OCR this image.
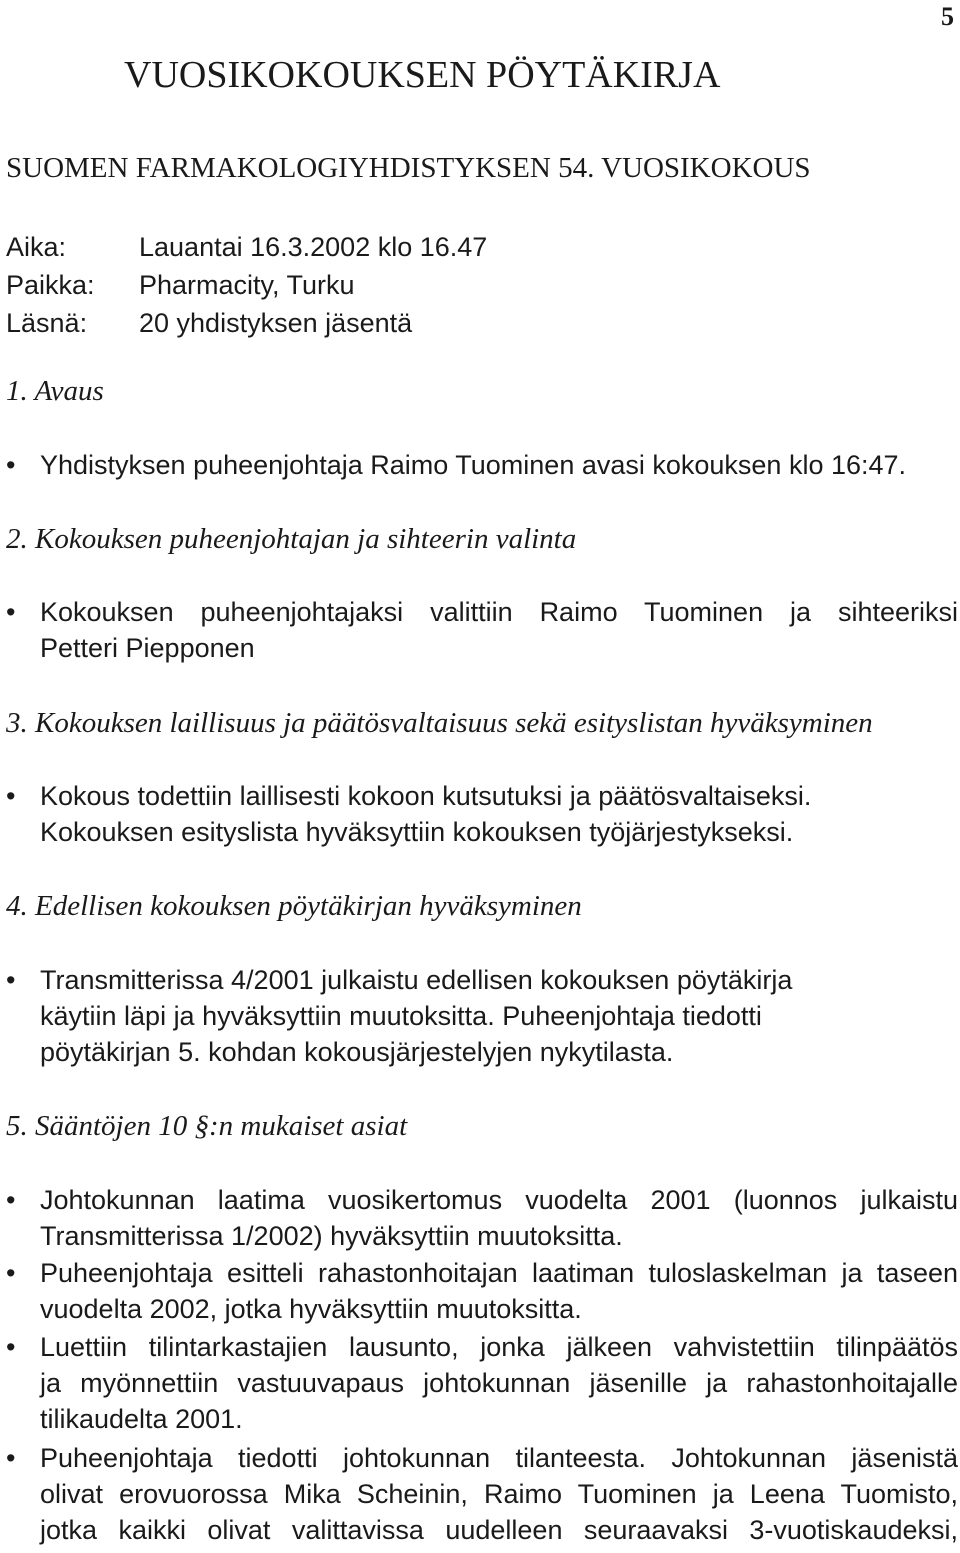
5
VUOSIKOKOUKSEN PÖYTÄKIRJA
SUOMEN FARMAKOLOGIYHDISTYKSEN 54. VUOSIKOKOUS
Aika:	Lauantai 16.3.2002 klo 16.47
Paikka:	Pharmacity, Turku
Läsnä:	20 yhdistyksen jäsentä
1. Avaus
• Yhdistyksen puheenjohtaja Raimo Tuominen avasi kokouksen klo 16:47.
2. Kokouksen puheenjohtajan ja sihteerin valinta
• Kokouksen puheenjohtajaksi valittiin Raimo Tuominen ja sihteeriksi
Petteri Piepponen
3. Kokouksen laillisuus ja päätösvaltaisuus sekä esityslistan hyväksyminen
• Kokous todettiin laillisesti kokoon kutsutuksi ja päätösvaltaiseksi.
Kokouksen esityslista hyväksyttiin kokouksen työjärjestykseksi.
4. Edellisen kokouksen pöytäkirjan hyväksyminen
• Transmitterissa 4/2001 julkaistu edellisen kokouksen pöytäkirja
käytiin läpi ja hyväksyttiin muutoksitta. Puheenjohtaja tiedotti
pöytäkirjan 5. kohdan kokousjärjestelyjen nykytilasta.
5. Sääntöjen 10 §:n mukaiset asiat
• Johtokunnan laatima vuosikertomus vuodelta 2001 (luonnos julkaistu
Transmitterissa 1/2002) hyväksyttiin muutoksitta.
• Puheenjohtaja esitteli rahastonhoitajan laatiman tuloslaskelman ja taseen
vuodelta 2002, jotka hyväksyttiin muutoksitta.
• Luettiin tilintarkastajien lausunto, jonka jälkeen vahvistettiin tilinpäätös
ja myönnettiin vastuuvapaus johtokunnan jäsenille ja rahastonhoitajalle
tilikaudelta 2001.
• Puheenjohtaja tiedotti johtokunnan tilanteesta. Johtokunnan jäsenistä
olivat erovuorossa Mika Scheinin, Raimo Tuominen ja Leena Tuomisto,
jotka kaikki olivat valittavissa uudelleen seuraavaksi 3-vuotiskaudeksi,
